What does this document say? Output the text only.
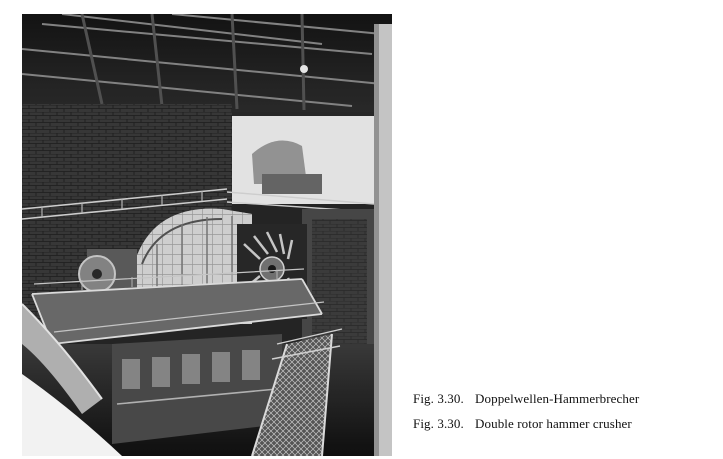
Fig. 3.30. Doppelwellen-Hammerbrecher
Fig. 3.30. Double rotor hammer crusher
